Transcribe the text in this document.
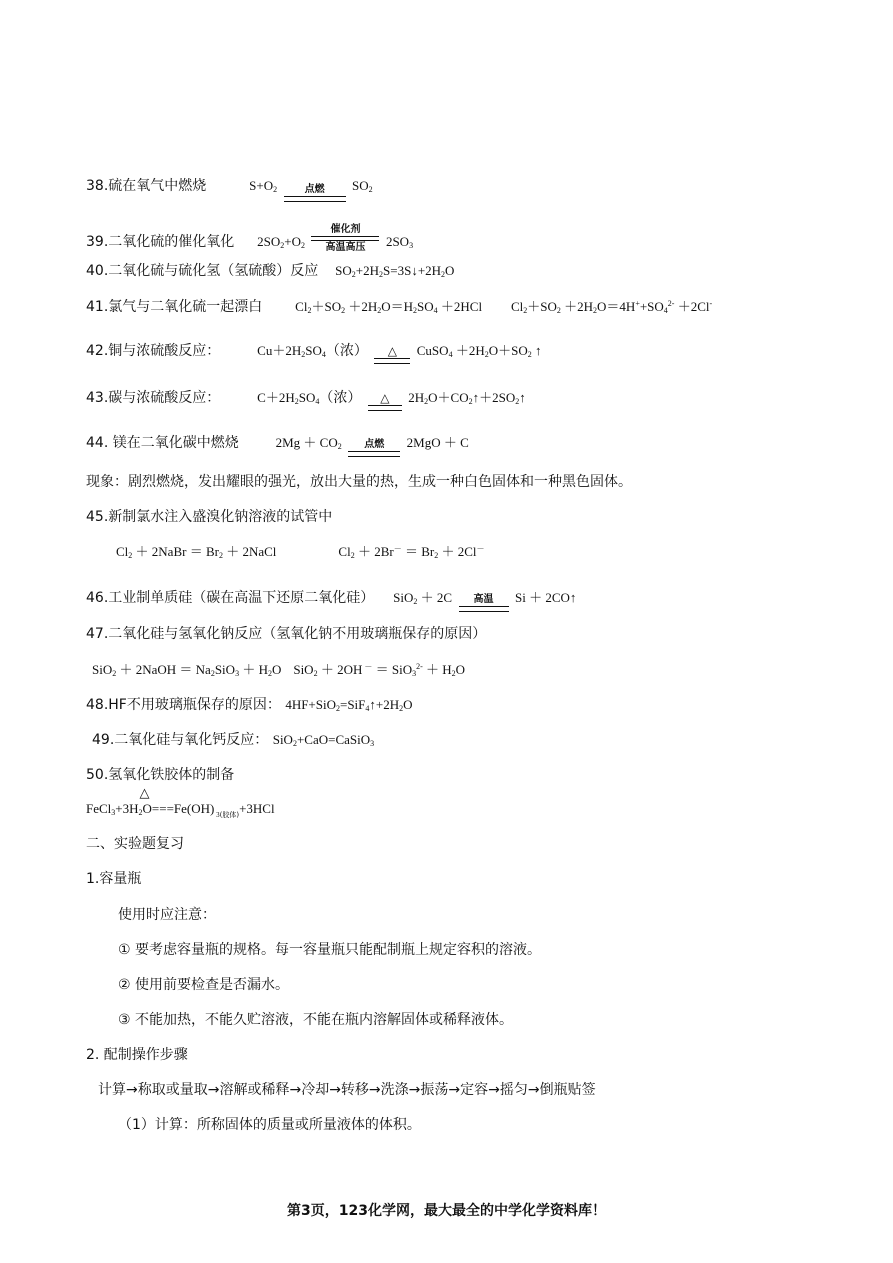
38.硫在氧气中燃烧	$S+O_2$	点燃	$SO_2$
39.二氧化硫的催化氧化 $2SO_2+O_2$
催化剂
高温高压	$2SO_3$
40.二氧化硫与硫化氢（氢硫酸）反应 $SO_2+2H_2S=3S↓+2H_2O$
41.氯气与二氧化硫一起漂白	$Cl_2+SO_2 +2H_2O=H_2SO_4 +2HCl$ $Cl_2+SO_2 +2H_2O=4H^++SO_4^{2-} +2Cl^-$
42.铜与浓硫酸反应：	$Cu+2H_2SO_4$（浓）	△	CuSO$_4$ $+2H_2O+SO_2$ ↑
43.碳与浓硫酸反应：	$C+2H_2SO_4$（浓）	△	$2H_2O+CO_2↑+2SO_2↑$
44. 镁在二氧化碳中燃烧	$2Mg + CO_2$	点燃	2MgO ＋ C
现象：剧烈燃烧，发出耀眼的强光，放出大量的热，生成一种白色固体和一种黑色固体。
45.新制氯水注入盛溴化钠溶液的试管中
$Cl_2$ ＋ 2NaBr ＝ $Br_2$ ＋ 2NaCl	$Cl_2 + 2Br^- = Br_2 + 2Cl^-$
46.工业制单质硅（碳在高温下还原二氧化硅） SiO$_2$ ＋ 2C	高温	Si ＋ 2CO↑
47.二氧化硅与氢氧化钠反应（氢氧化钠不用玻璃瓶保存的原因）
SiO$_2$ ＋ 2NaOH ＝ $Na_2SiO_3 + H_2O$ SiO$_2$ ＋ 2OH $^- = SiO_3^{2-} + H_2O$
48.HF不用玻璃瓶保存的原因： $4HF+SiO_2=SiF_4↑+2H_2O$
49.二氧化硅与氧化钙反应： SiO$_2$+CaO=CaSiO$_3$
50.氢氧化铁胶体的制备
FeCl$_3$+3H
△
$_2$O===Fe(OH) $_{3(胶体)}$+3HCl
二、实验题复习
1.容量瓶
使用时应注意：
① 要考虑容量瓶的规格。每一容量瓶只能配制瓶上规定容积的溶液。
② 使用前要检查是否漏水。
③ 不能加热，不能久贮溶液，不能在瓶内溶解固体或稀释液体。
2. 配制操作步骤
计算→称取或量取→溶解或稀释→冷却→转移→洗涤→振荡→定容→摇匀→倒瓶贴签
（1）计算：所称固体的质量或所量液体的体积。
第3页，123化学网，最大最全的中学化学资料库！
